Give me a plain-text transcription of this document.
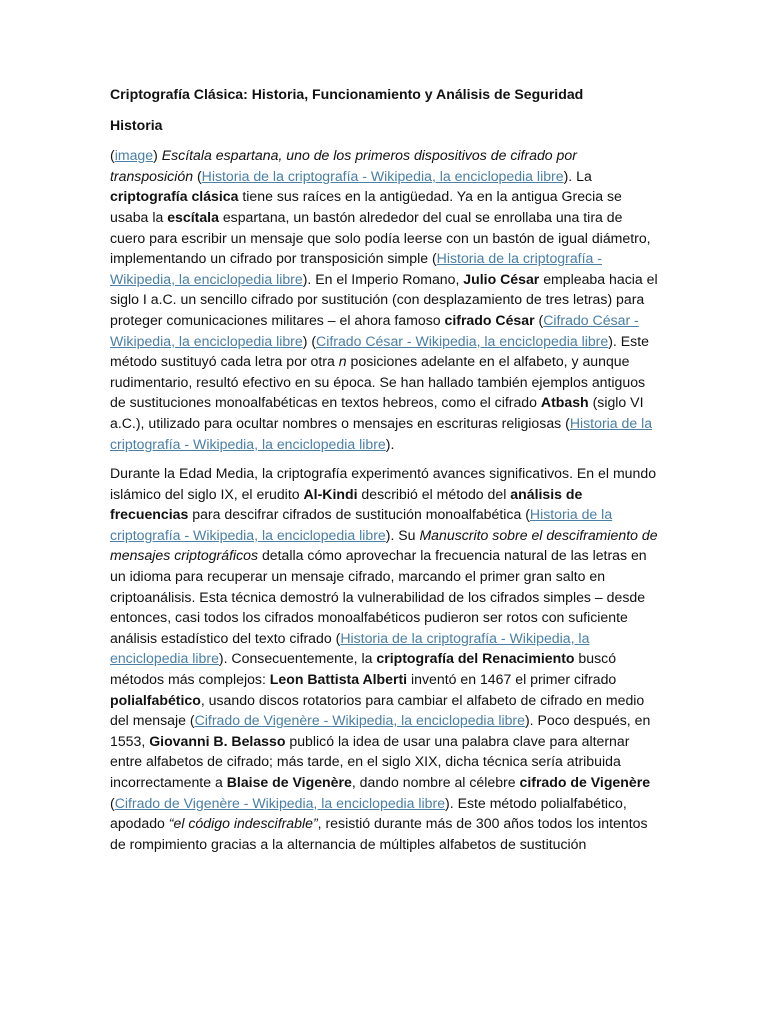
Criptografía Clásica: Historia, Funcionamiento y Análisis de Seguridad
Historia

(image) Escítala espartana, uno de los primeros dispositivos de cifrado por transposición (Historia de la criptografía - Wikipedia, la enciclopedia libre). La criptografía clásica tiene sus raíces en la antigüedad. Ya en la antigua Grecia se usaba la escítala espartana, un bastón alrededor del cual se enrollaba una tira de cuero para escribir un mensaje que solo podía leerse con un bastón de igual diámetro, implementando un cifrado por transposición simple (Historia de la criptografía - Wikipedia, la enciclopedia libre). En el Imperio Romano, Julio César empleaba hacia el siglo I a.C. un sencillo cifrado por sustitución (con desplazamiento de tres letras) para proteger comunicaciones militares – el ahora famoso cifrado César (Cifrado César - Wikipedia, la enciclopedia libre) (Cifrado César - Wikipedia, la enciclopedia libre). Este método sustituyó cada letra por otra n posiciones adelante en el alfabeto, y aunque rudimentario, resultó efectivo en su época. Se han hallado también ejemplos antiguos de sustituciones monoalfabéticas en textos hebreos, como el cifrado Atbash (siglo VI a.C.), utilizado para ocultar nombres o mensajes en escrituras religiosas (Historia de la criptografía - Wikipedia, la enciclopedia libre).

Durante la Edad Media, la criptografía experimentó avances significativos. En el mundo islámico del siglo IX, el erudito Al-Kindi describió el método del análisis de frecuencias para descifrar cifrados de sustitución monoalfabética (Historia de la criptografía - Wikipedia, la enciclopedia libre). Su Manuscrito sobre el desciframiento de mensajes criptográficos detalla cómo aprovechar la frecuencia natural de las letras en un idioma para recuperar un mensaje cifrado, marcando el primer gran salto en criptoanálisis. Esta técnica demostró la vulnerabilidad de los cifrados simples – desde entonces, casi todos los cifrados monoalfabéticos pudieron ser rotos con suficiente análisis estadístico del texto cifrado (Historia de la criptografía - Wikipedia, la enciclopedia libre). Consecuentemente, la criptografía del Renacimiento buscó métodos más complejos: Leon Battista Alberti inventó en 1467 el primer cifrado polialfabético, usando discos rotatorios para cambiar el alfabeto de cifrado en medio del mensaje (Cifrado de Vigenère - Wikipedia, la enciclopedia libre). Poco después, en 1553, Giovanni B. Belasso publicó la idea de usar una palabra clave para alternar entre alfabetos de cifrado; más tarde, en el siglo XIX, dicha técnica sería atribuida incorrectamente a Blaise de Vigenère, dando nombre al célebre cifrado de Vigenère (Cifrado de Vigenère - Wikipedia, la enciclopedia libre). Este método polialfabético, apodado “el código indescifrable”, resistió durante más de 300 años todos los intentos de rompimiento gracias a la alternancia de múltiples alfabetos de sustitución
